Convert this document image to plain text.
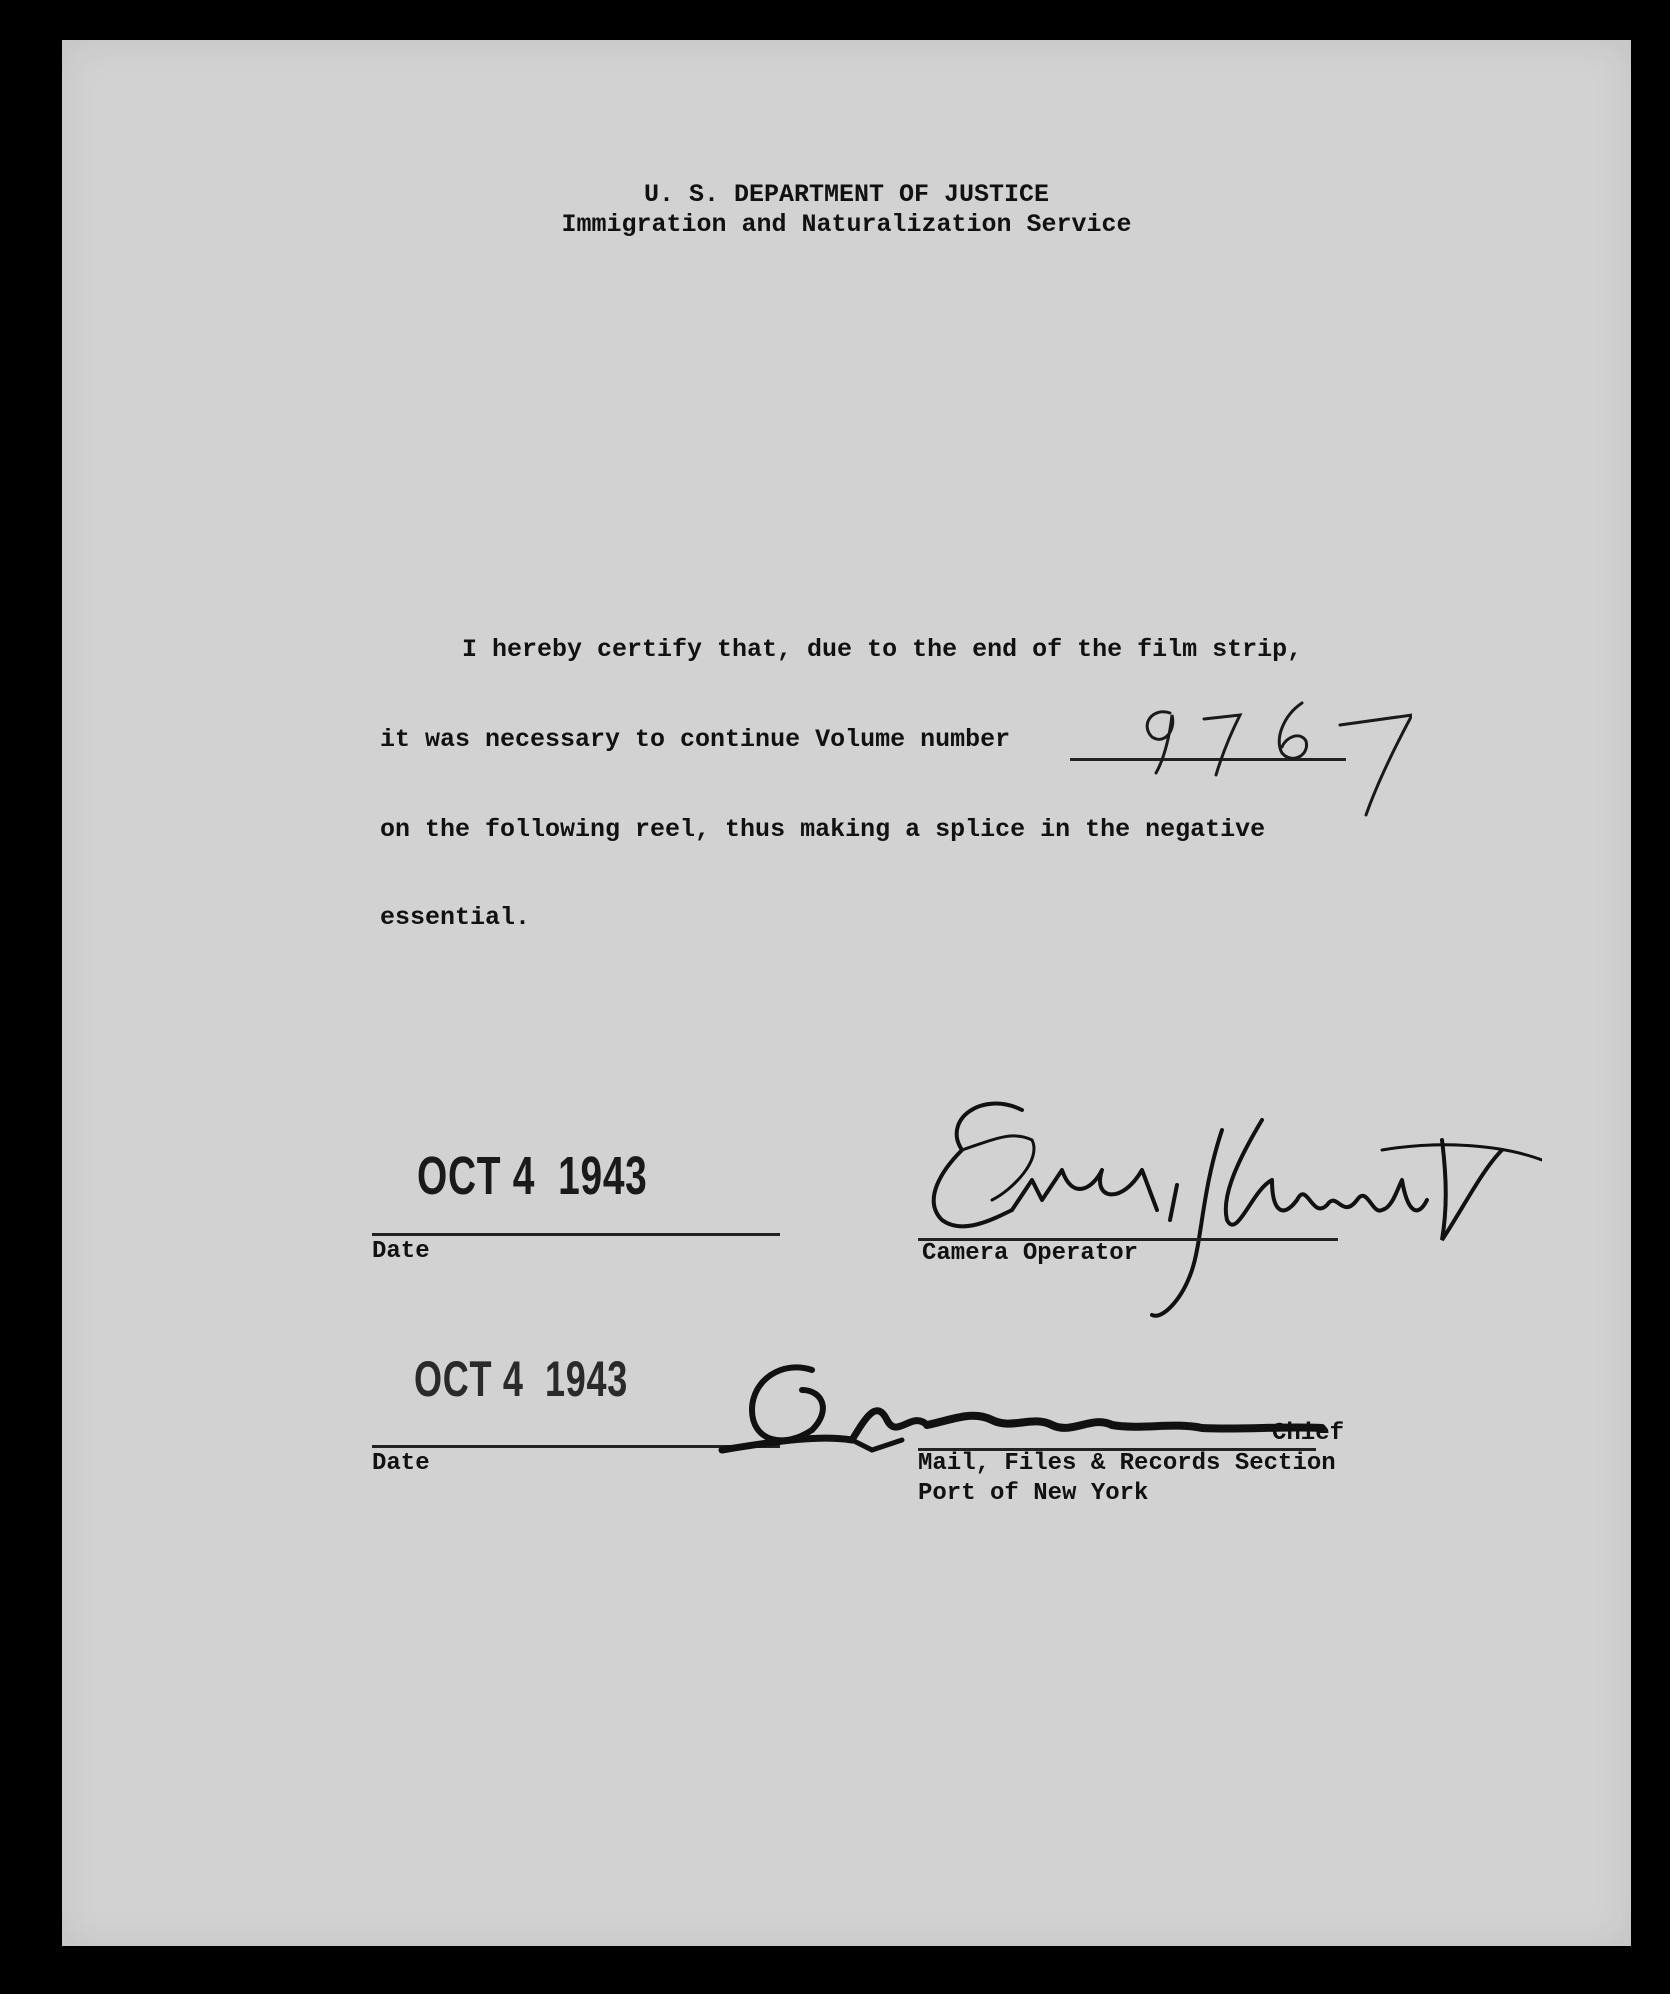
U. S. DEPARTMENT OF JUSTICE
Immigration and Naturalization Service
I hereby certify that, due to the end of the film strip,
it was necessary to continue Volume number
on the following reel, thus making a splice in the negative
essential.
OCT 4  1943
Date	Camera Operator
OCT 4  1943
Date
Chief
Mail, Files & Records Section
Port of New York
